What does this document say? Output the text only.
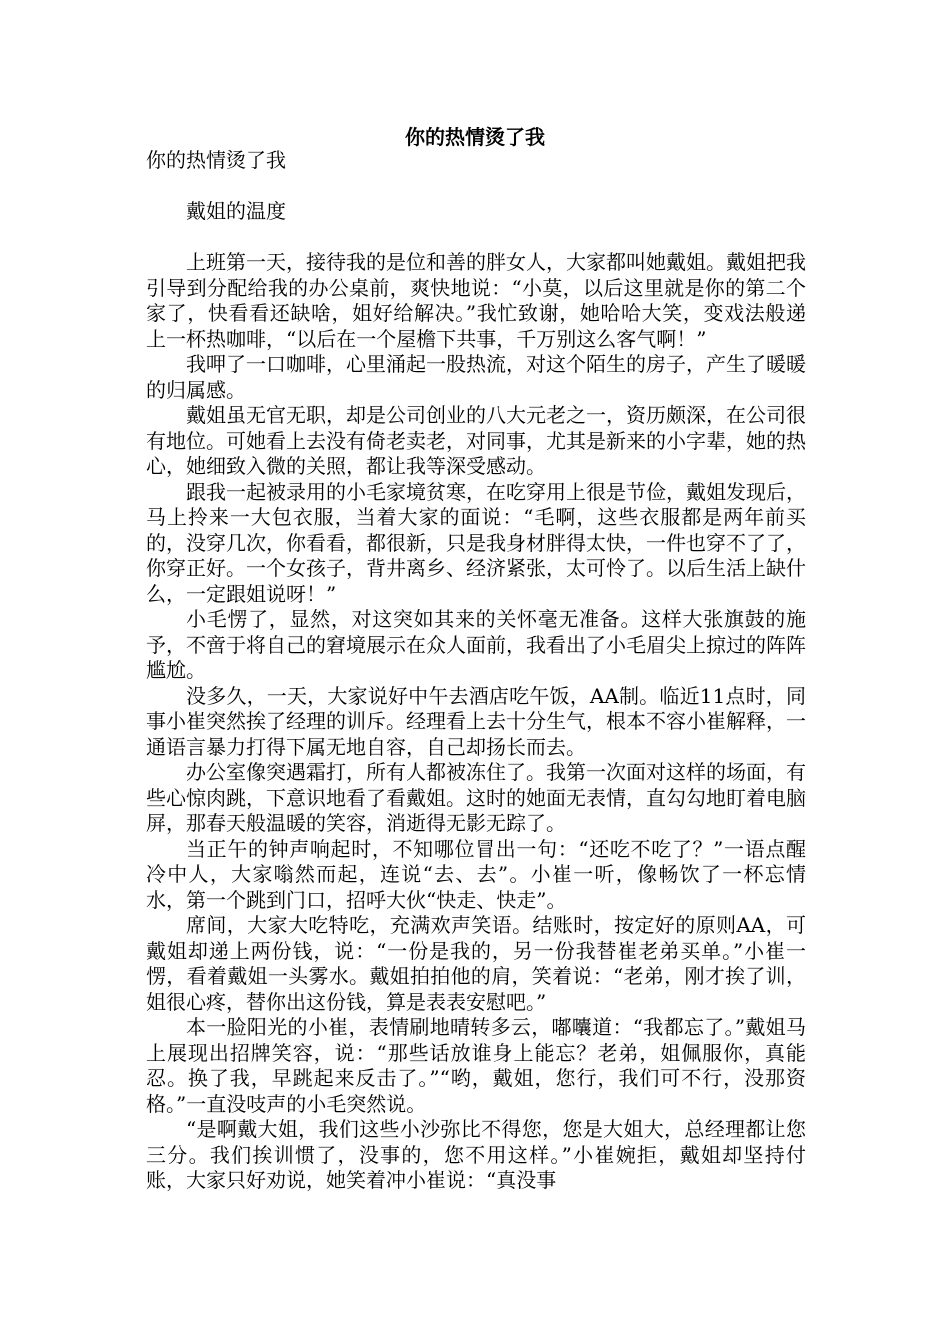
你的热情烫了我

你的热情烫了我

戴姐的温度

上班第一天，接待我的是位和善的胖女人，大家都叫她戴姐。戴姐把我引导到分配给我的办公桌前，爽快地说：“小莫，以后这里就是你的第二个家了，快看看还缺啥，姐好给解决。”我忙致谢，她哈哈大笑，变戏法般递上一杯热咖啡，“以后在一个屋檐下共事，千万别这么客气啊！”

我呷了一口咖啡，心里涌起一股热流，对这个陌生的房子，产生了暖暖的归属感。

戴姐虽无官无职，却是公司创业的八大元老之一，资历颇深，在公司很有地位。可她看上去没有倚老卖老，对同事，尤其是新来的小字辈，她的热心，她细致入微的关照，都让我等深受感动。

跟我一起被录用的小毛家境贫寒，在吃穿用上很是节俭，戴姐发现后，马上拎来一大包衣服，当着大家的面说：“毛啊，这些衣服都是两年前买的，没穿几次，你看看，都很新，只是我身材胖得太快，一件也穿不了了，你穿正好。一个女孩子，背井离乡、经济紧张，太可怜了。以后生活上缺什么，一定跟姐说呀！”

小毛愣了，显然，对这突如其来的关怀毫无准备。这样大张旗鼓的施予，不啻于将自己的窘境展示在众人面前，我看出了小毛眉尖上掠过的阵阵尴尬。

没多久，一天，大家说好中午去酒店吃午饭，AA制。临近11点时，同事小崔突然挨了经理的训斥。经理看上去十分生气，根本不容小崔解释，一通语言暴力打得下属无地自容，自己却扬长而去。

办公室像突遇霜打，所有人都被冻住了。我第一次面对这样的场面，有些心惊肉跳，下意识地看了看戴姐。这时的她面无表情，直勾勾地盯着电脑屏，那春天般温暖的笑容，消逝得无影无踪了。

当正午的钟声响起时，不知哪位冒出一句：“还吃不吃了？”一语点醒冷中人，大家嗡然而起，连说“去、去”。小崔一听，像畅饮了一杯忘情水，第一个跳到门口，招呼大伙“快走、快走”。

席间，大家大吃特吃，充满欢声笑语。结账时，按定好的原则AA，可戴姐却递上两份钱，说：“一份是我的，另一份我替崔老弟买单。”小崔一愣，看着戴姐一头雾水。戴姐拍拍他的肩，笑着说：“老弟，刚才挨了训，姐很心疼，替你出这份钱，算是表表安慰吧。”

本一脸阳光的小崔，表情刷地晴转多云，嘟囔道：“我都忘了。”戴姐马上展现出招牌笑容，说：“那些话放谁身上能忘？老弟，姐佩服你，真能忍。换了我，早跳起来反击了。”“哟，戴姐，您行，我们可不行，没那资格。”一直没吱声的小毛突然说。

“是啊戴大姐，我们这些小沙弥比不得您，您是大姐大，总经理都让您三分。我们挨训惯了，没事的，您不用这样。”小崔婉拒，戴姐却坚持付账，大家只好劝说，她笑着冲小崔说：“真没事
